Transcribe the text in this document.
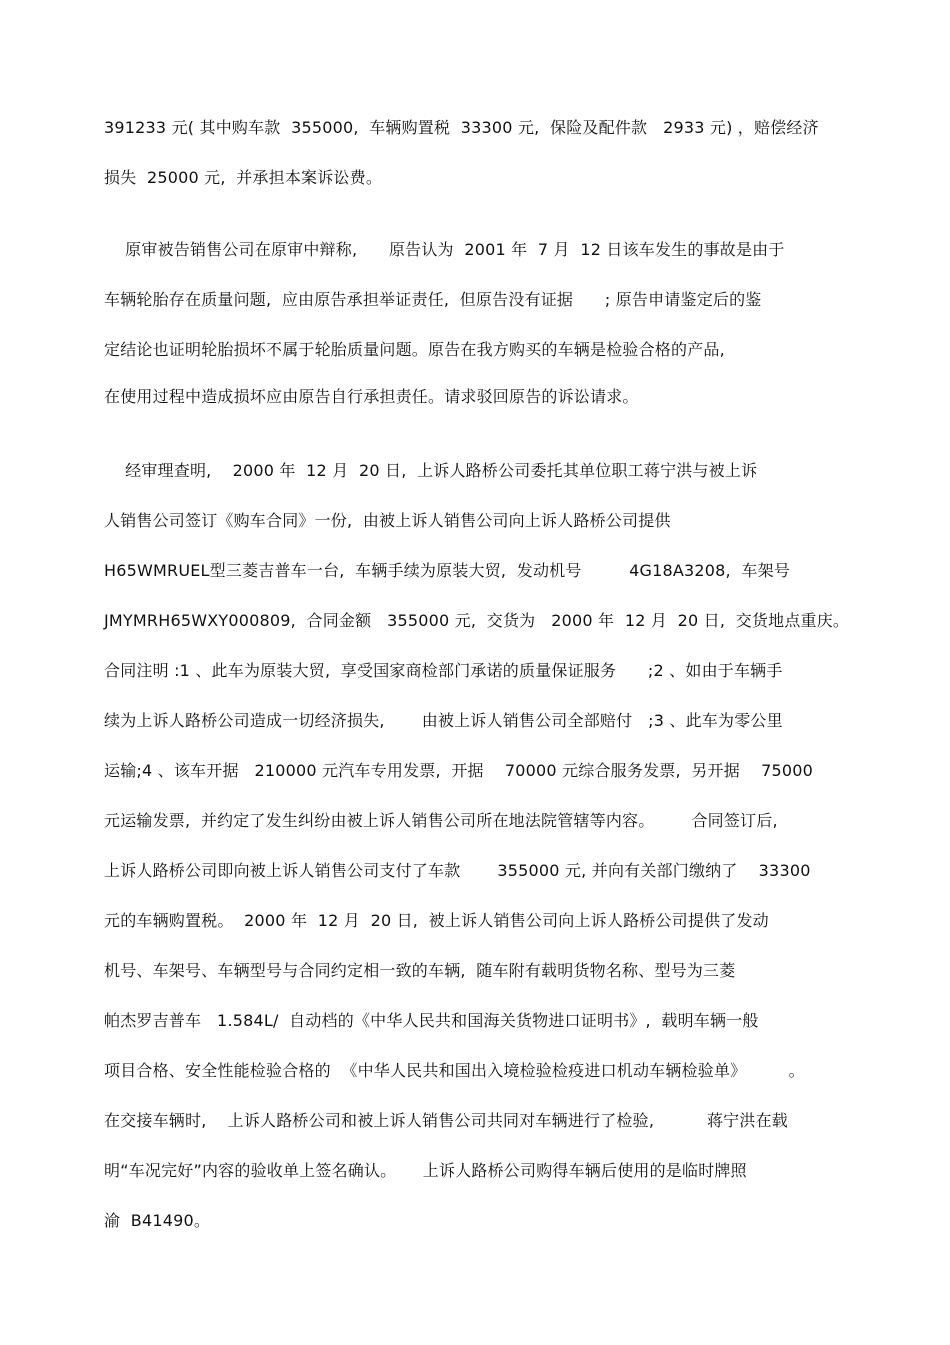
391233 元( 其中购车款  355000,  车辆购置税  33300 元,  保险及配件款   2933 元) ，赔偿经济
损失  25000 元,  并承担本案诉讼费。
原审被告销售公司在原审中辩称,      原告认为  2001 年  7 月  12 日该车发生的事故是由于
车辆轮胎存在质量问题,  应由原告承担举证责任,  但原告没有证据      ; 原告申请鉴定后的鉴
定结论也证明轮胎损坏不属于轮胎质量问题。原告在我方购买的车辆是检验合格的产品,
在使用过程中造成损坏应由原告自行承担责任。请求驳回原告的诉讼请求。
经审理查明,    2000 年  12 月  20 日,  上诉人路桥公司委托其单位职工蒋宁洪与被上诉
人销售公司签订《购车合同》一份,  由被上诉人销售公司向上诉人路桥公司提供
H65WMRUEL型三菱吉普车一台,  车辆手续为原装大贸,  发动机号         4G18A3208,  车架号
JMYMRH65WXY000809,  合同金额   355000 元,  交货为   2000 年  12 月  20 日,  交货地点重庆。
合同注明 :1 、此车为原装大贸,  享受国家商检部门承诺的质量保证服务      ;2 、如由于车辆手
续为上诉人路桥公司造成一切经济损失,       由被上诉人销售公司全部赔付   ;3 、此车为零公里
运输;4 、该车开据   210000 元汽车专用发票,  开据    70000 元综合服务发票,  另开据    75000
元运输发票,  并约定了发生纠纷由被上诉人销售公司所在地法院管辖等内容。       合同签订后,
上诉人路桥公司即向被上诉人销售公司支付了车款       355000 元, 并向有关部门缴纳了    33300
元的车辆购置税。  2000 年  12 月  20 日,  被上诉人销售公司向上诉人路桥公司提供了发动
机号、车架号、车辆型号与合同约定相一致的车辆,  随车附有载明货物名称、型号为三菱
帕杰罗吉普车   1.584L/  自动档的《中华人民共和国海关货物进口证明书》,  载明车辆一般
项目合格、安全性能检验合格的  《中华人民共和国出入境检验检疫进口机动车辆检验单》        。
在交接车辆时,    上诉人路桥公司和被上诉人销售公司共同对车辆进行了检验,          蒋宁洪在载
明“车况完好”内容的验收单上签名确认。     上诉人路桥公司购得车辆后使用的是临时牌照
渝  B41490。
